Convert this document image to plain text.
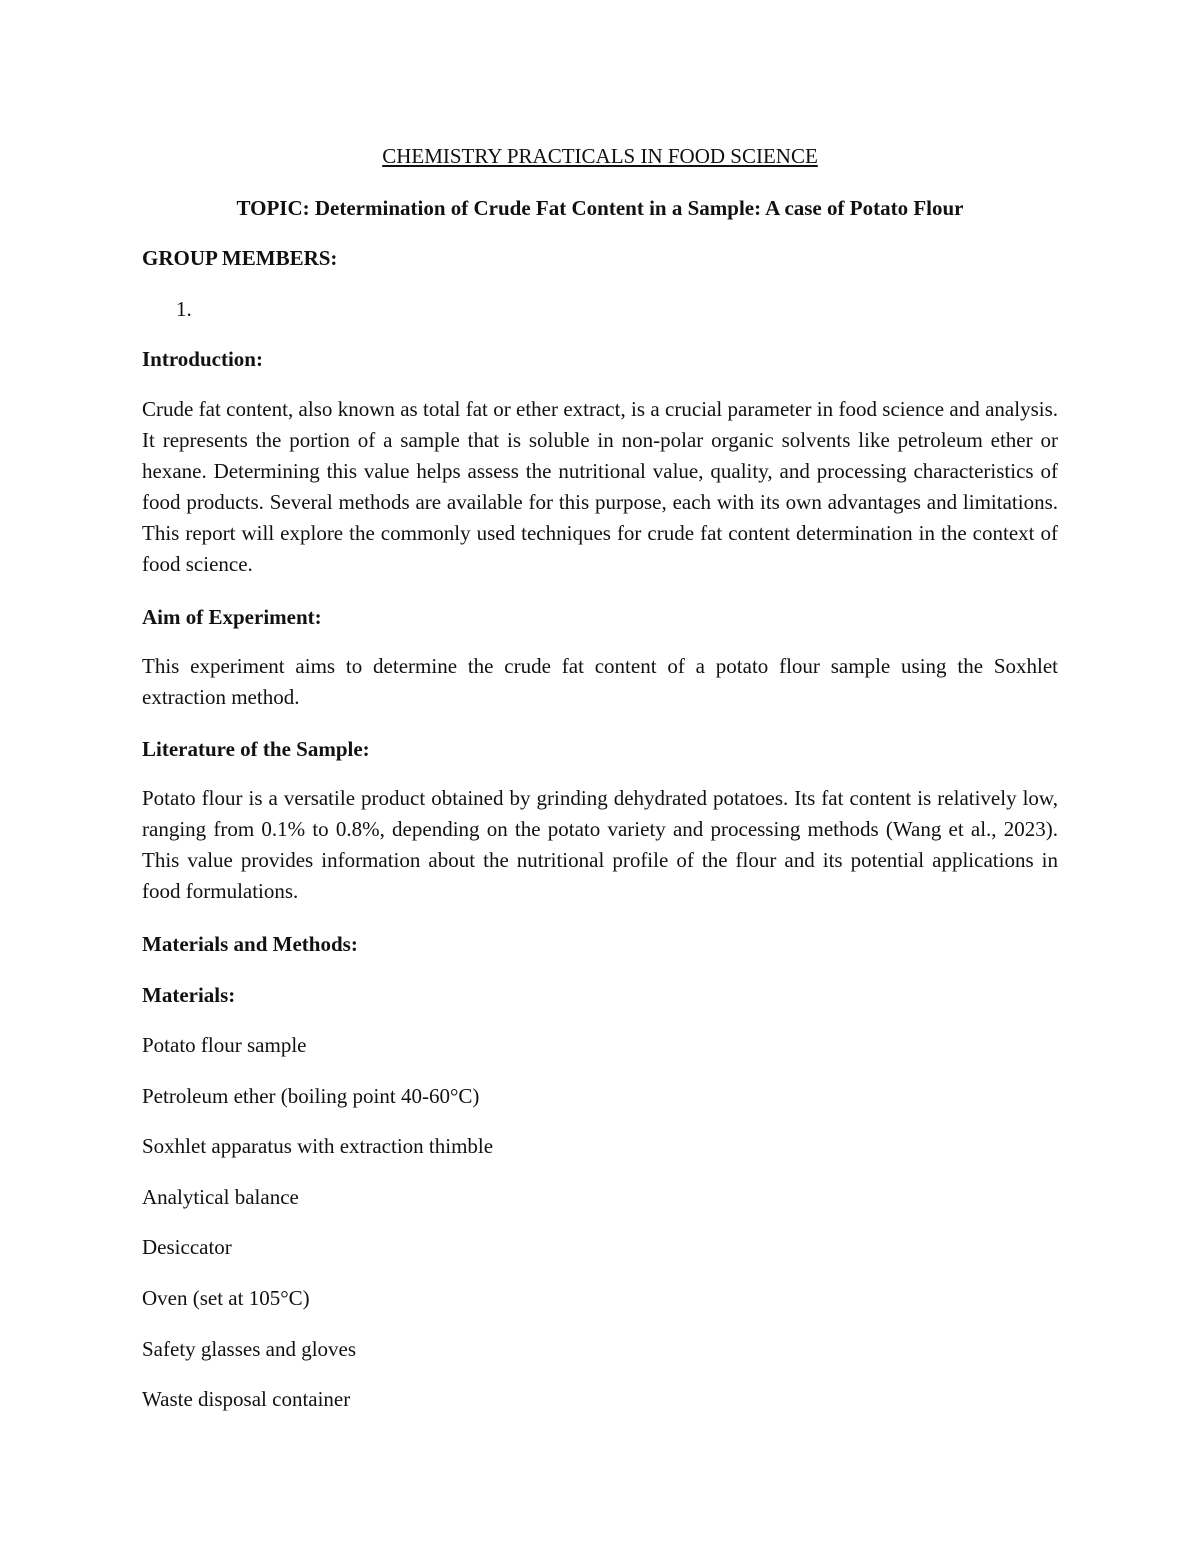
CHEMISTRY PRACTICALS IN FOOD SCIENCE
TOPIC: Determination of Crude Fat Content in a Sample: A case of Potato Flour
GROUP MEMBERS:
1.
Introduction:
Crude fat content, also known as total fat or ether extract, is a crucial parameter in food science and analysis. It represents the portion of a sample that is soluble in non-polar organic solvents like petroleum ether or hexane. Determining this value helps assess the nutritional value, quality, and processing characteristics of food products. Several methods are available for this purpose, each with its own advantages and limitations. This report will explore the commonly used techniques for crude fat content determination in the context of food science.
Aim of Experiment:
This experiment aims to determine the crude fat content of a potato flour sample using the Soxhlet extraction method.
Literature of the Sample:
Potato flour is a versatile product obtained by grinding dehydrated potatoes. Its fat content is relatively low, ranging from 0.1% to 0.8%, depending on the potato variety and processing methods (Wang et al., 2023). This value provides information about the nutritional profile of the flour and its potential applications in food formulations.
Materials and Methods:
Materials:
Potato flour sample
Petroleum ether (boiling point 40-60°C)
Soxhlet apparatus with extraction thimble
Analytical balance
Desiccator
Oven (set at 105°C)
Safety glasses and gloves
Waste disposal container
